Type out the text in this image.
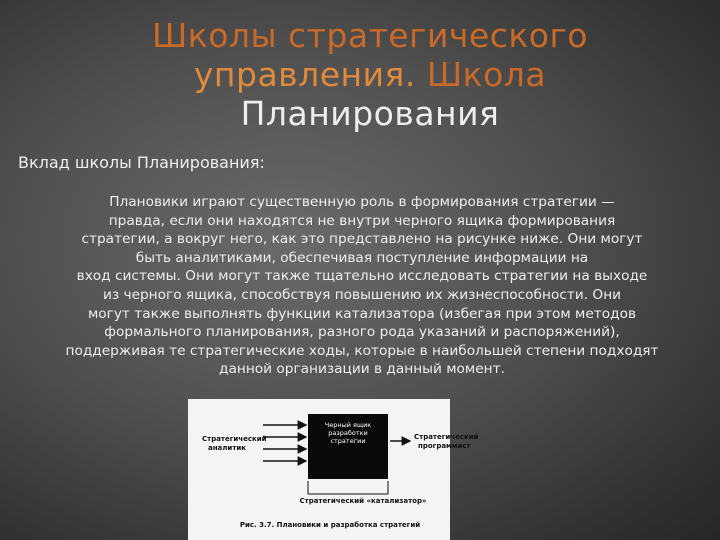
Школы стратегического
управления. Школа
Планирования
Вклад школы Планирования:
Плановики играют существенную роль в формирования стратегии —
правда, если они находятся не внутри черного ящика формирования
стратегии, а вокруг него, как это представлено на рисунке ниже. Они могут
быть аналитиками, обеспечивая поступление информации на
вход системы. Они могут также тщательно исследовать стратегии на выходе
из черного ящика, способствуя повышению их жизнеспособности. Они
могут также выполнять функции катализатора (избегая при этом методов
формального планирования, разного рода указаний и распоряжений),
поддерживая те стратегические ходы, которые в наибольшей степени подходят
данной организации в данный момент.
Стратегический
аналитик
Черный ящик
разработки
стратегии	Стратегический
программист
Стратегический «катализатор»
Рис. 3.7. Плановики и разработка стратегий
